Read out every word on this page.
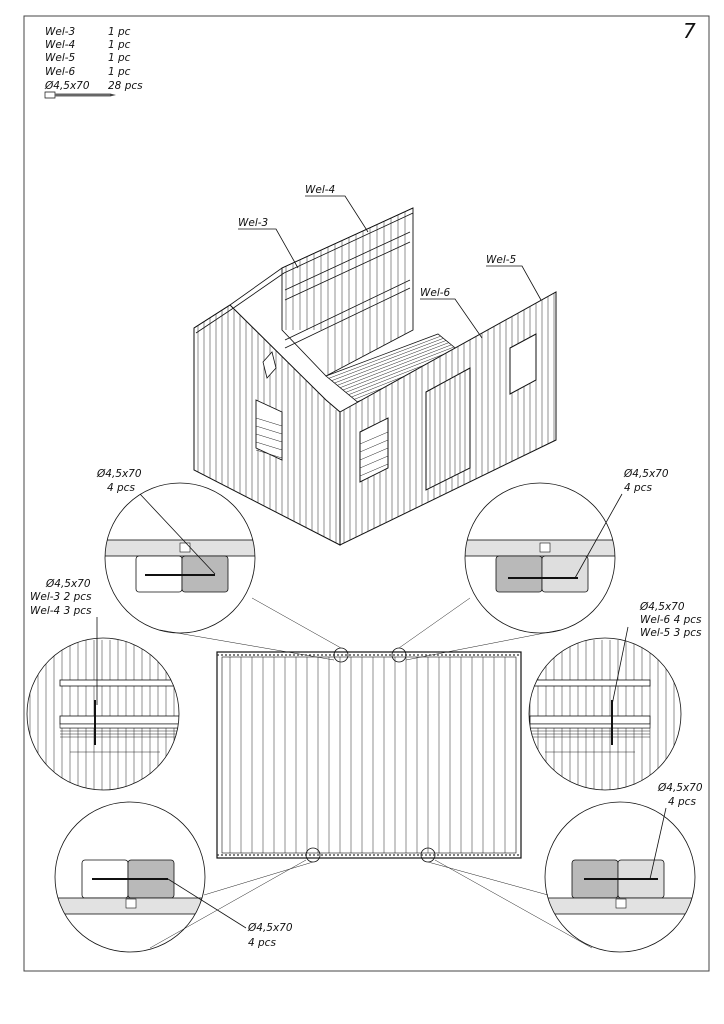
7
Wel-3	1 pc
Wel-4	1 pc
Wel-5	1 pc
Wel-6	1 pc
Ø4,5x70 28 pcs
Wel-4
Wel-3
Wel-5
Wel-6
Ø4,5x70
4 pcs
Ø4,5x70
4 pcs
Ø4,5x70
Wel-3 2 pcs
Wel-4 3 pcs	Ø4,5x70
Wel-6 4 pcs
Wel-5 3 pcs
Ø4,5x70
4 pcs
Ø4,5x70
4 pcs
